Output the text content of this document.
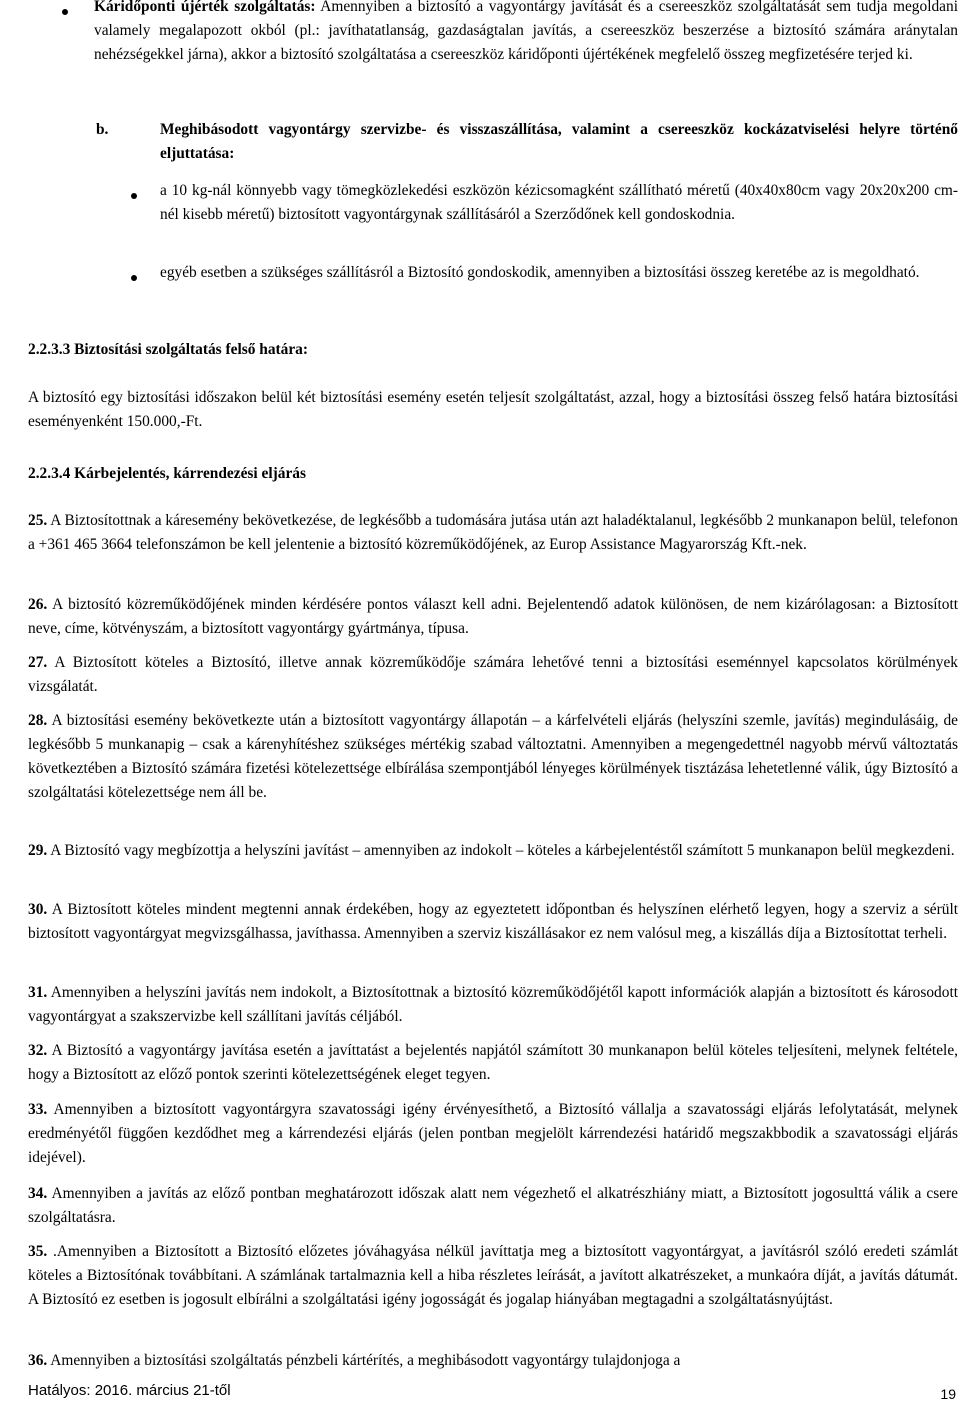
Káridőponti újérték szolgáltatás: Amennyiben a biztosító a vagyontárgy javítását és a csereeszköz szolgáltatását sem tudja megoldani valamely megalapozott okból (pl.: javíthatatlanság, gazdaságtalan javítás, a csereeszköz beszerzése a biztosító számára aránytalan nehézségekkel járna), akkor a biztosító szolgáltatása a csereeszköz káridőponti újértékének megfelelő összeg megfizetésére terjed ki.
b.	Meghibásodott vagyontárgy szervizbe- és visszaszállítása, valamint a csereeszköz kockázatviselési helyre történő eljuttatása:
a 10 kg-nál könnyebb vagy tömegközlekedési eszközön kézicsomagként szállítható méretű (40x40x80cm vagy 20x20x200 cm-nél kisebb méretű) biztosított vagyontárgynak szállításáról a Szerződőnek kell gondoskodnia.
egyéb esetben a szükséges szállításról a Biztosító gondoskodik, amennyiben a biztosítási összeg keretébe az is megoldható.
2.2.3.3 Biztosítási szolgáltatás felső határa:
A biztosító egy biztosítási időszakon belül két biztosítási esemény esetén teljesít szolgáltatást, azzal, hogy a biztosítási összeg felső határa biztosítási eseményenként 150.000,-Ft.
2.2.3.4 Kárbejelentés, kárrendezési eljárás
25. A Biztosítottnak a káresemény bekövetkezése, de legkésőbb a tudomására jutása után azt haladéktalanul, legkésőbb 2 munkanapon belül, telefonon a +361 465 3664 telefonszámon be kell jelentenie a biztosító közreműködőjének, az Europ Assistance Magyarország Kft.-nek.
26. A biztosító közreműködőjének minden kérdésére pontos választ kell adni. Bejelentendő adatok különösen, de nem kizárólagosan: a Biztosított neve, címe, kötvényszám, a biztosított vagyontárgy gyártmánya, típusa.
27. A Biztosított köteles a Biztosító, illetve annak közreműködője számára lehetővé tenni a biztosítási eseménnyel kapcsolatos körülmények vizsgálatát.
28. A biztosítási esemény bekövetkezte után a biztosított vagyontárgy állapotán – a kárfelvételi eljárás (helyszíni szemle, javítás) megindulásáig, de legkésőbb 5 munkanapig – csak a kárenyhítéshez szükséges mértékig szabad változtatni. Amennyiben a megengedettnél nagyobb mérvű változtatás következtében a Biztosító számára fizetési kötelezettsége elbírálása szempontjából lényeges körülmények tisztázása lehetetlenné válik, úgy Biztosító a szolgáltatási kötelezettsége nem áll be.
29. A Biztosító vagy megbízottja a helyszíni javítást – amennyiben az indokolt – köteles a kárbejelentéstől számított 5 munkanapon belül megkezdeni.
30. A Biztosított köteles mindent megtenni annak érdekében, hogy az egyeztetett időpontban és helyszínen elérhető legyen, hogy a szerviz a sérült biztosított vagyontárgyat megvizsgálhassa, javíthassa. Amennyiben a szerviz kiszállásakor ez nem valósul meg, a kiszállás díja a Biztosítottat terheli.
31. Amennyiben a helyszíni javítás nem indokolt, a Biztosítottnak a biztosító közreműködőjétől kapott információk alapján a biztosított és károsodott vagyontárgyat a szakszervizbe kell szállítani javítás céljából.
32. A Biztosító a vagyontárgy javítása esetén a javíttatást a bejelentés napjától számított 30 munkanapon belül köteles teljesíteni, melynek feltétele, hogy a Biztosított az előző pontok szerinti kötelezettségének eleget tegyen.
33. Amennyiben a biztosított vagyontárgyra szavatossági igény érvényesíthető, a Biztosító vállalja a szavatossági eljárás lefolytatását, melynek eredményétől függően kezdődhet meg a kárrendezési eljárás (jelen pontban megjelölt kárrendezési határidő megszakbbodik a szavatossági eljárás idejével).
34. Amennyiben a javítás az előző pontban meghatározott időszak alatt nem végezhető el alkatrészhiány miatt, a Biztosított jogosulttá válik a csere szolgáltatásra.
35. .Amennyiben a Biztosított a Biztosító előzetes jóváhagyása nélkül javíttatja meg a biztosított vagyontárgyat, a javításról szóló eredeti számlát köteles a Biztosítónak továbbítani. A számlának tartalmaznia kell a hiba részletes leírását, a javított alkatrészeket, a munkaóra díját, a javítás dátumát. A Biztosító ez esetben is jogosult elbírálni a szolgáltatási igény jogosságát és jogalap hiányában megtagadni a szolgáltatásnyújtást.
36. Amennyiben a biztosítási szolgáltatás pénzbeli kártérítés, a meghibásodott vagyontárgy tulajdonjoga a
Hatályos: 2016. március 21-től	19
